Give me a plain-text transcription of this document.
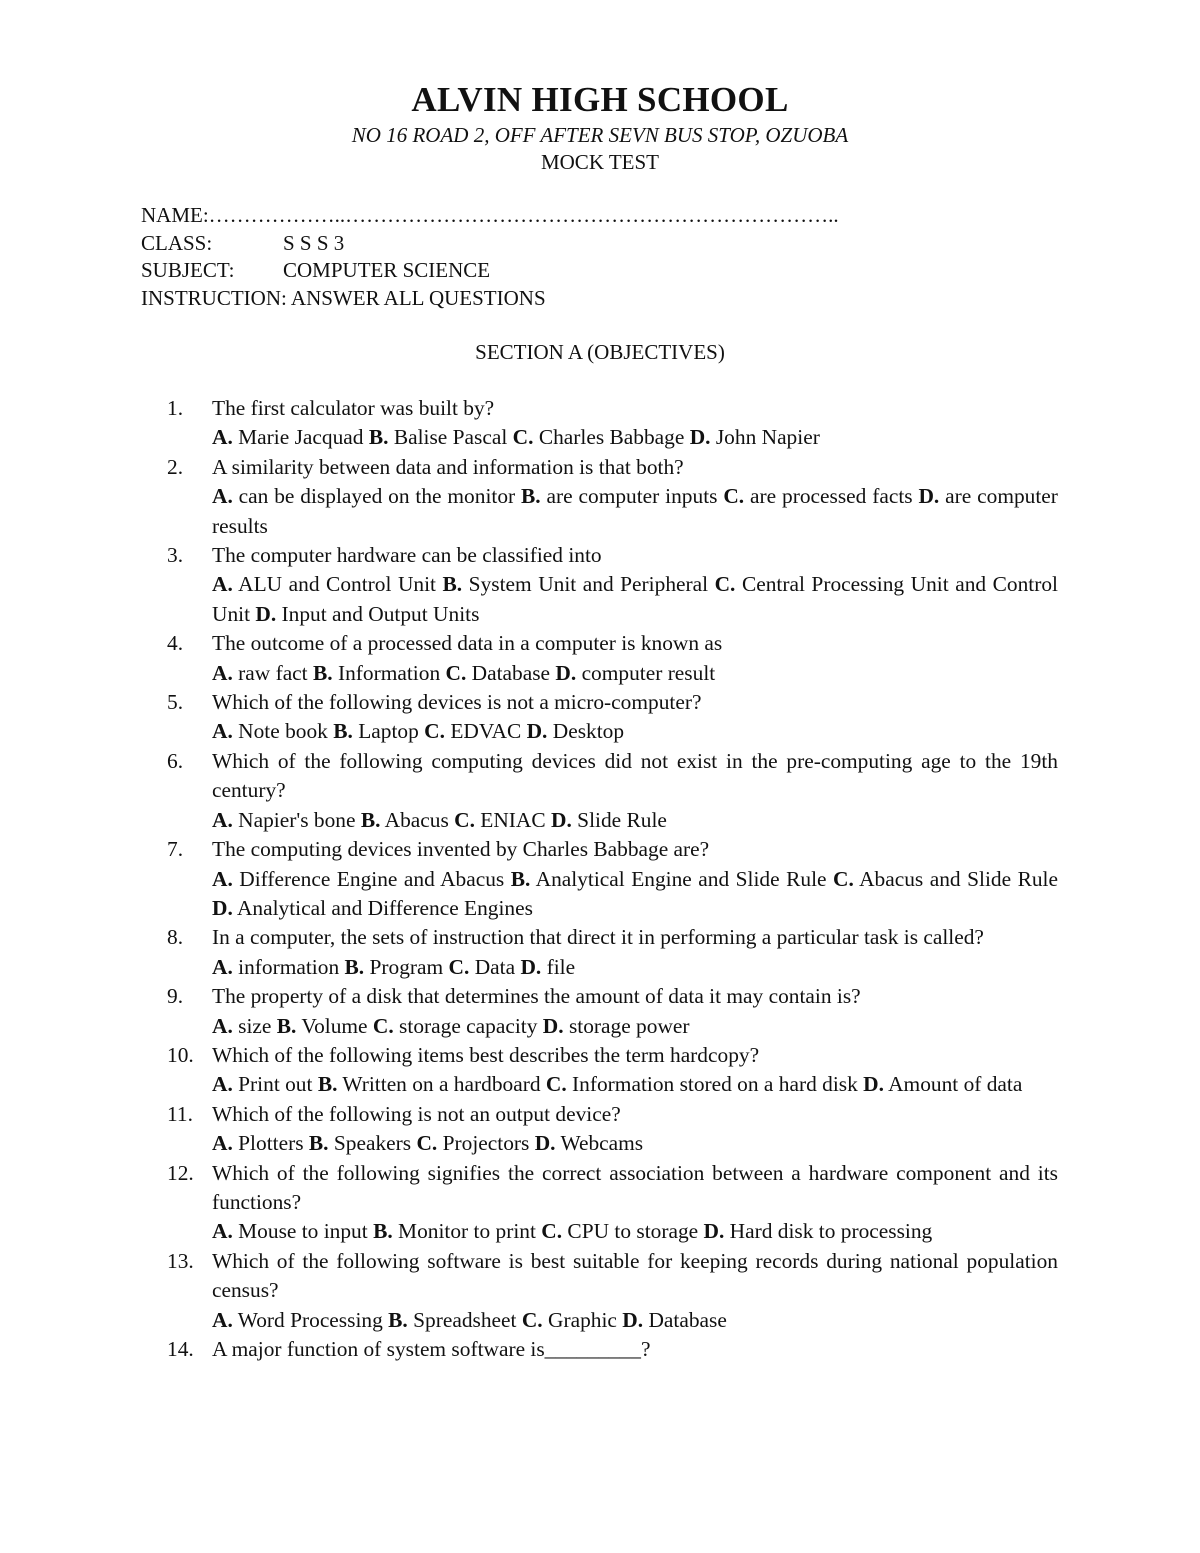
ALVIN HIGH SCHOOL
NO 16 ROAD 2, OFF AFTER SEVN BUS STOP, OZUOBA
MOCK TEST
NAME:………………..……………………………………………………………..
CLASS:	S S S 3
SUBJECT: COMPUTER SCIENCE
INSTRUCTION: ANSWER ALL QUESTIONS
SECTION A (OBJECTIVES)
1.	The first calculator was built by?
A. Marie Jacquad B. Balise Pascal C. Charles Babbage D. John Napier
2.	A similarity between data and information is that both?
A. can be displayed on the monitor B. are computer inputs C. are processed facts D. are computer results
3.	The computer hardware can be classified into
A. ALU and Control Unit B. System Unit and Peripheral C. Central Processing Unit and Control Unit D. Input and Output Units
4.	The outcome of a processed data in a computer is known as
A. raw fact B. Information C. Database D. computer result
5.	Which of the following devices is not a micro-computer?
A. Note book B. Laptop C. EDVAC D. Desktop
6.	Which of the following computing devices did not exist in the pre-computing age to the 19th century?
A. Napier's bone B. Abacus C. ENIAC D. Slide Rule
7.	The computing devices invented by Charles Babbage are?
A. Difference Engine and Abacus B. Analytical Engine and Slide Rule C. Abacus and Slide Rule D. Analytical and Difference Engines
8.	In a computer, the sets of instruction that direct it in performing a particular task is called?
A. information B. Program C. Data D. file
9.	The property of a disk that determines the amount of data it may contain is?
A. size B. Volume C. storage capacity D. storage power
10. Which of the following items best describes the term hardcopy?
A. Print out B. Written on a hardboard C. Information stored on a hard disk D. Amount of data
11. Which of the following is not an output device?
A. Plotters B. Speakers C. Projectors D. Webcams
12. Which of the following signifies the correct association between a hardware component and its functions?
A. Mouse to input B. Monitor to print C. CPU to storage D. Hard disk to processing
13. Which of the following software is best suitable for keeping records during national population census?
A. Word Processing B. Spreadsheet C. Graphic D. Database
14. A major function of system software is_________?
